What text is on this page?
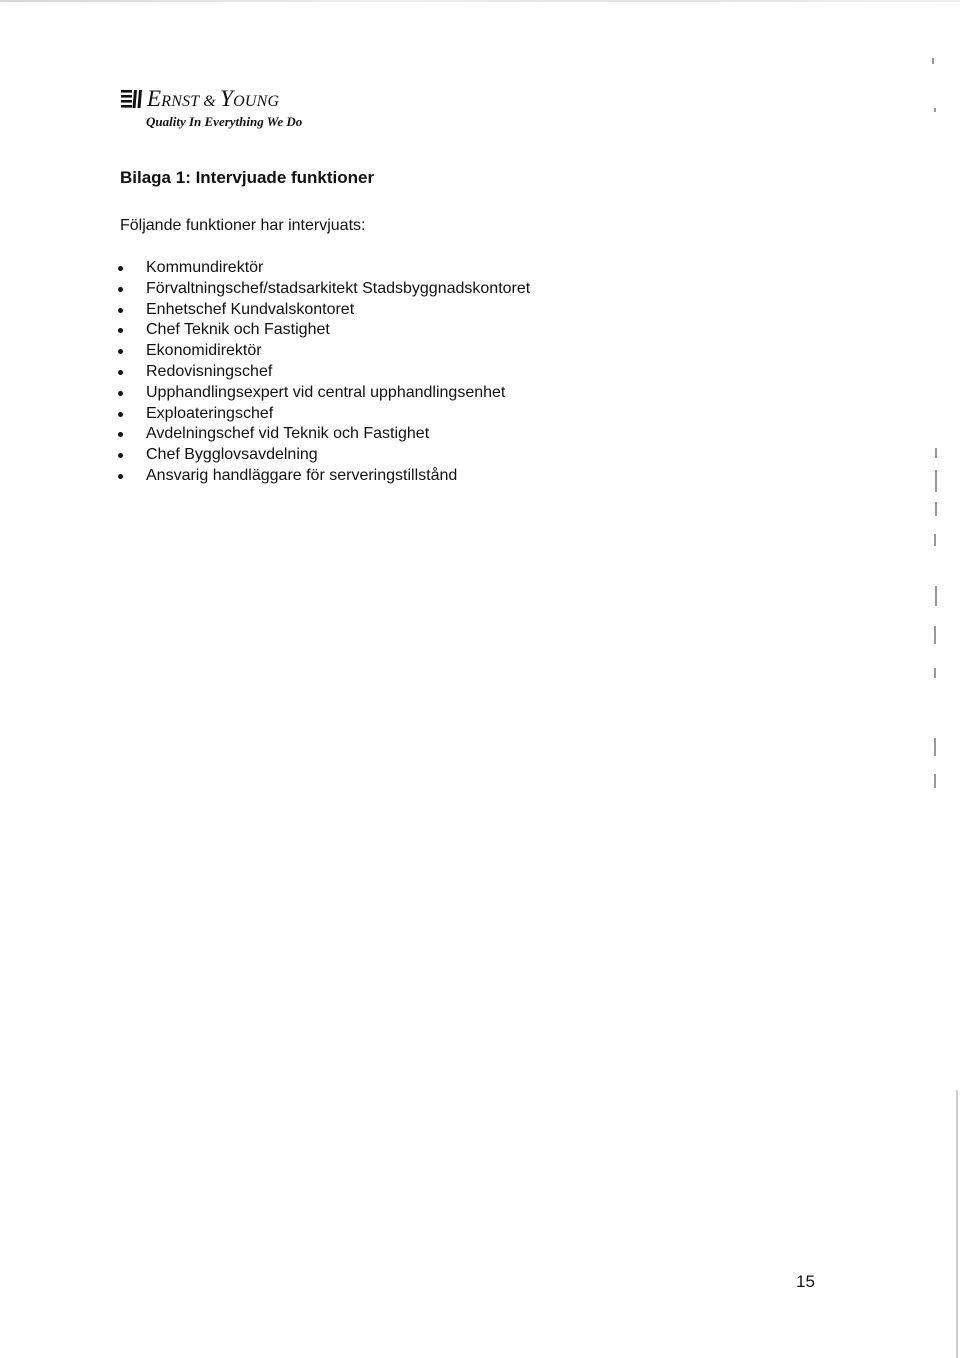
ERNST & YOUNG
Quality In Everything We Do
Bilaga 1: Intervjuade funktioner
Följande funktioner har intervjuats:
Kommundirektör
Förvaltningschef/stadsarkitekt Stadsbyggnadskontoret
Enhetschef Kundvalskontoret
Chef Teknik och Fastighet
Ekonomidirektör
Redovisningschef
Upphandlingsexpert vid central upphandlingsenhet
Exploateringschef
Avdelningschef vid Teknik och Fastighet
Chef Bygglovsavdelning
Ansvarig handläggare för serveringstillstånd
15
